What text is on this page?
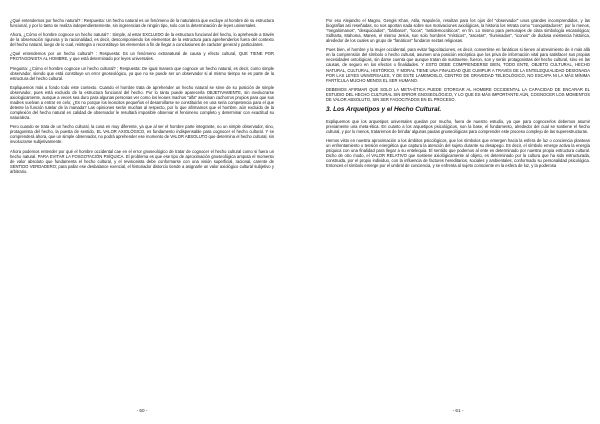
¿Qué entendemos por hecho natural? : Respuesta: Un hecho natural es un fenómeno de la naturaleza que excluye al hombre de su estructura funcional, y por lo tanto se realiza independientemente, sin ingerencias de ningún tipo, solo con la determinación de leyes universales.

Ahora, ¿Cómo el hombre cognoce un hecho natural? : Simple, al estar EXCLUIDO de la estructura funcional del hecho, lo aprehende a través de la observación rigurosa y la racionalidad, es decir, descomponiendo los elementos de la estructura para aprehenderlos fuera del contexto del hecho natural, luego de lo cual, reintegra o reconstituye los elementos a fin de llegar a conclusiones de carácter general y particulares.

¿Qué entendemos por un hecho cultural? : Respuesta: Es un fenómeno extranatural de causa y efecto cultural, QUE TIENE POR PROTAGONISTA AL HOMBRE, y que está determinado por leyes universales.

Pregunta: ¿Cómo el hombre cognoce un hecho cultural? ; Respuesta: De igual manera que cognoce un hecho natural, es decir, como simple observador, siendo que está constituye un error gnoseológico, ya que no se puede ser un observador si al mismo tiempo se es parte de la estructura del hecho cultural.

Expliquemos más a fondo todo este contexto. Cuando el hombre trata de aprehender un hecho natural se sirve de su posición de simple observador, pues está excluido de la estructura funcional del hecho. Por lo tanto puede aparecerla OBJETIVAMENTE, sin involucrarse axiologicamente, aunque a veces sea duro para algunas personas ver como los leones machos "alfa" asesinan cachorros propios para que sus madres vuelvan a entrar en celo; ¿Es no porque los leoncitos pequeños el desarrollarse se constituirán en una seria competencia para el que detente la función tutelar de la manada? Las opiniones serán muchas al respecto, por lo que afirmamos que el hombre, aún excluido de la complexión del hecho natural en calidad de observador le resultará imposible observar el fenómeno completo y determinar con exactitud su naturaleza.

Pero cuando se trata de un hecho cultural, la cosa es muy diferente, ya que al ser el hombre parte integrante, no un simple observador, sino, protagonista del hecho, la puesta de sentido, EL VALOR AXIOLÓGICO, es fundamento indispensable para cognocer el hecho cultural. Y se comprenderá ahora, que un simple observador, no podrá aprehender ese momento de VALOR ABSOLUTO que determina el hecho cultural, sin involucrarse subjetivamente.

Ahora podemos entender por qué el hombre occidental cae en el error gnoseológico de tratar de cognocer el hecho cultural como si fuera un hecho natural. PARA EVITAR LA FOSGOTACIÓN PSÍQUICA. El problema es que ese tipo de aproximación gnoseológica amputa el momento de valor absoluto que fundamenta el hecho cultural, y el revisionista debe conformarse con una visión superficial, racional, carente de SENTIDO VERDADERO; para pallar ese desbalance exencial, el historiador distorcio tiende a asignarle un valor axiológico cultural subjetivo y arbitrario.

- 60 -

Por eso Alejandro el Magno, Gengis Khan, Atila, Napoleón, resultan para los ojos del "observador" unos grandes incomprendidos, y las biografías así reseñadas, no nos aportan nada sobre sus motivaciones axiológicas, la historia los retrata como "conquistadores", por lo menos, "megalómanos", "desquiciados", "bárbaros", "locos", "antidemocráticos", en fin. Lo mismo para personajes de clara simbología escatológica; Sidharta, Mahoma, Manes, el mismo Jesús, son solo hombres "místicos", "ascetas", "iluminados", "iconos" de dudosa existencia histórica, alrededor de los cuales un grupo de "fanáticos" fundaron sectas religiosas.

Pues bien, el hombre y la mujer occidental, para evitar fagocitaciones, es decir, convertirse en fanáticos si tienen al atrevimiento de ir más allá en la comprensión del símbolo o hecho cultural, asumen una posición escéptica que los priva de información vital para satisfacer sus propias necesidades ontológicas, sin darse cuenta que aunque tratan de sustraerse, fueron, son y serán protagonistas del hecho cultural, sino en las causas, de seguro en los efectos o finalidades. Y ESTO DEBE COMPRENDERSE BIEN, TODO ENTE, OBJETO CULTURAL, HECHO NATURAL, CULTURAL, HISTÓRICO, Y MORAL TIENE UNA FINALIDAD QUE CUMPLIR A TRAVÉS DE LA ENTELEQUIALIDAD DESIGNADA POR LAS LEYES UNIVERSALES, Y DE ESTE LAMEMOSLO, CENTRO DE GRAVEDAD TELEOLÓGICO, NO ESCAPA NI LA MÁS MÍNIMA PARTÍCULA MUCHO MENOS EL SER HUMANO.

DEBEMOS AFIRMAR QUE SOLO LA META-ÉTICA PUEDE OTORGAR AL HOMBRE OCCIDENTAL LA CAPACIDAD DE ENCARAR EL ESTUDIO DEL HECHO CULTURAL SIN ERROR GNOSEOLÓGICO, Y LO QUE ES MÁS IMPORTANTE AÚN, COGNOCER LOS MOMENTOS DE VALOR ABSOLUTO, SIN SER FAGOCITADOS EN EL PROCESO.

3. Los Arquetipos y el Hecho Cultural.

Expliquemos que los arquetipos universales quedan por mucho, fuera de nuestro estudio, ya que para cognocerlos debemos asumir previamente una meta-ética. En cuanto a los arquetipos psicológicos, son la base, el fundamento, alrededor del cual se sostiene el hecho cultural, y por lo menos, trataremos de brindar algunas pautas gnoseológicas para comprender este proceso complejo de las superestructuras.

Hemos visto en nuestra aproximación a los ámbitos psicológicos, que los símbolos que emergen hacia la esfera de luz o conciencia plantean un enfrentamiento o tensión energética que captura la atención del sujeto durante su desapego. Es decir, el símbolo emerge activa la energía psíquica con una finalidad para llegar a su entelequia. El sentido que podemos al ente es determinado por nuestra propia estructura cultural. Dicho de otro modo, el VALOR RELATIVO que sostiene axiológicamente al objeto, es determinado por la cultura que ha sido estructurada, construida, por el propio individuo, con la influencia de factores hereditarios, sociales y ambientales, conformado su personalidad psicológica. Entonces el símbolo emerge por el umbral de conciencia, y se enfrenta al sujeto consciente en la esfera de luz, y la poderosa

- 61 -
